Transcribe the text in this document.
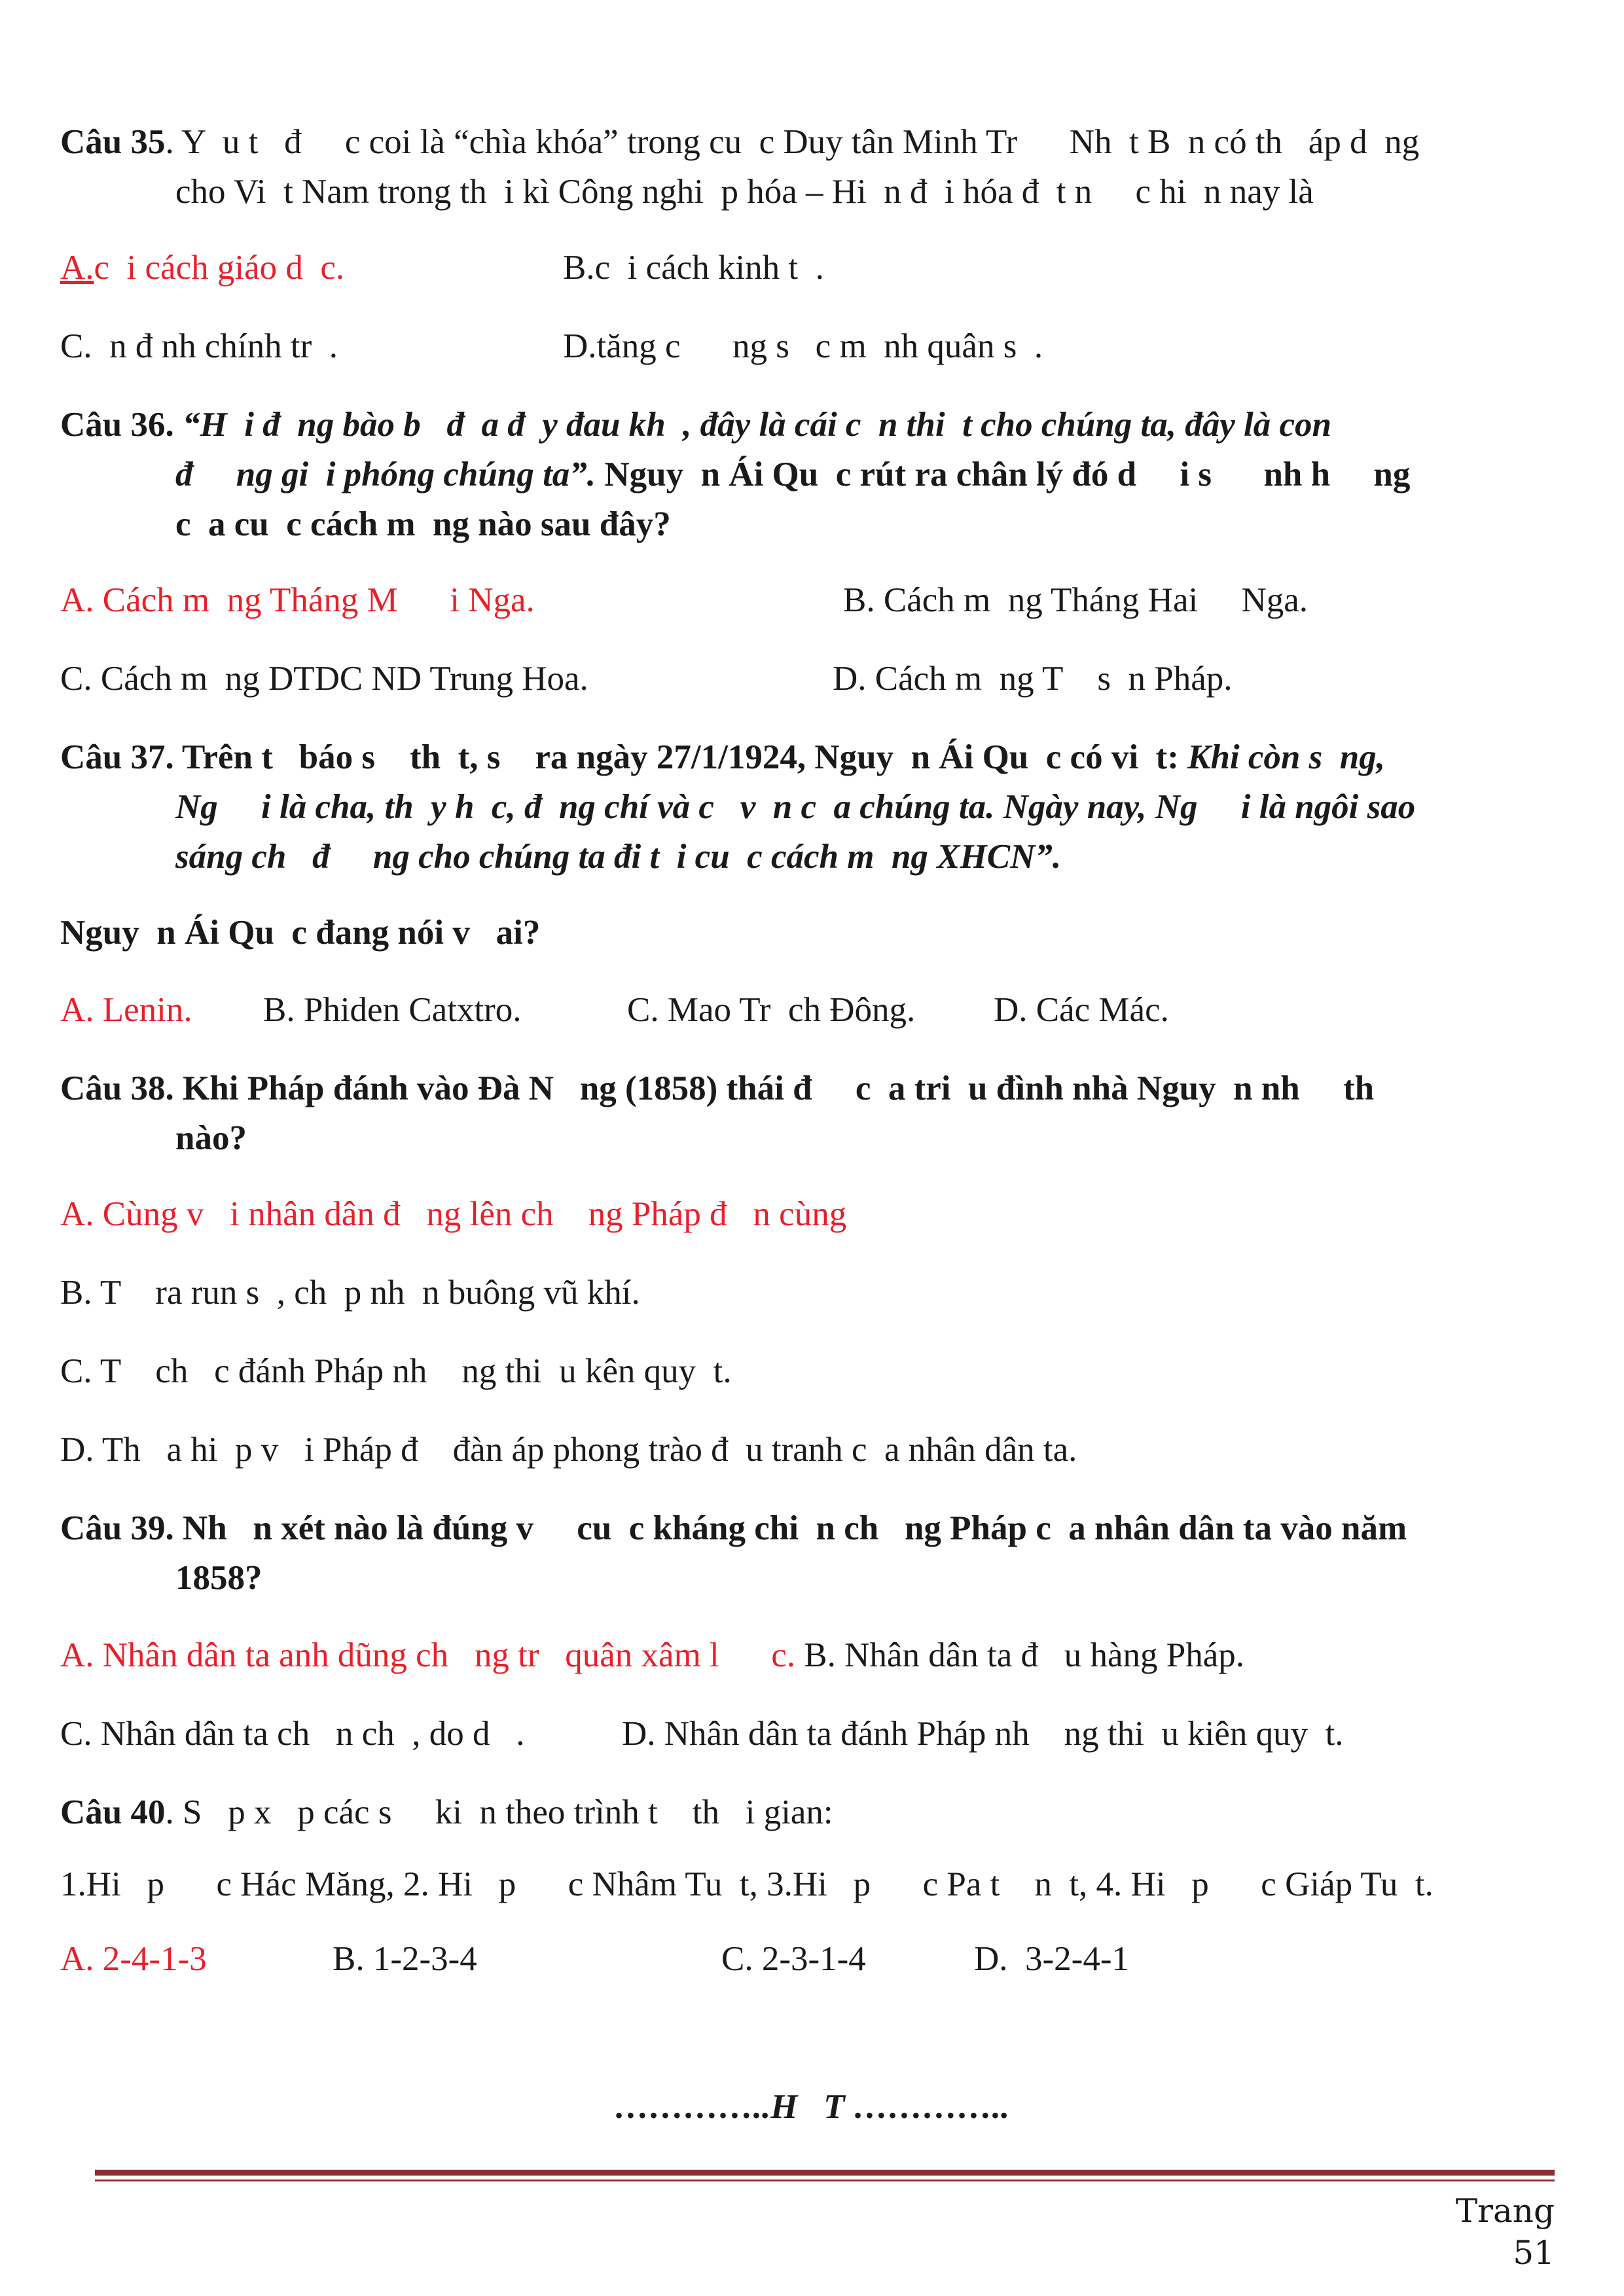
Câu 35. Y  u t   đ     c coi là “chìa khóa” trong cu  c Duy tân Minh Tr      Nh  t B  n có th   áp d  ng
cho Vi  t Nam trong th  i kì Công nghi  p hóa – Hi  n đ  i hóa đ  t n     c hi  n nay là
A.c  i cách giáo d  c.	B.c  i cách kinh t  .
C.  n đ nh chính tr  .	D.tăng c      ng s   c m  nh quân s  .
Câu 36. “H  i đ  ng bào b   đ  a đ  y đau kh  , đây là cái c  n thi  t cho chúng ta, đây là con
đ     ng gi  i phóng chúng ta”. Nguy  n Ái Qu  c rút ra chân lý đó d     i s      nh h     ng
c  a cu  c cách m  ng nào sau đây?
A. Cách m  ng Tháng M      i Nga.	B. Cách m  ng Tháng Hai     Nga.
C. Cách m  ng DTDC ND Trung Hoa.	D. Cách m  ng T    s  n Pháp.
Câu 37. Trên t   báo s    th  t, s    ra ngày 27/1/1924, Nguy  n Ái Qu  c có vi  t: Khi còn s  ng,
Ng     i là cha, th  y h  c, đ  ng chí và c   v  n c  a chúng ta. Ngày nay, Ng     i là ngôi sao
sáng ch   đ     ng cho chúng ta đi t  i cu  c cách m  ng XHCN”.
Nguy  n Ái Qu  c đang nói v   ai?
A. Lenin. B. Phiden Catxtro.	C. Mao Tr  ch Đông. D. Các Mác.
Câu 38. Khi Pháp đánh vào Đà N   ng (1858) thái đ     c  a tri  u đình nhà Nguy  n nh     th
nào?
A. Cùng v   i nhân dân đ   ng lên ch    ng Pháp đ   n cùng
B. T    ra run s  , ch  p nh  n buông vũ khí.
C. T    ch   c đánh Pháp nh    ng thi  u kên quy  t.
D. Th   a hi  p v   i Pháp đ    đàn áp phong trào đ  u tranh c  a nhân dân ta.
Câu 39. Nh   n xét nào là đúng v     cu  c kháng chi  n ch   ng Pháp c  a nhân dân ta vào năm
1858?
A. Nhân dân ta anh dũng ch   ng tr   quân xâm l      c. B. Nhân dân ta đ   u hàng Pháp.
C. Nhân dân ta ch   n ch  , do d   .	D. Nhân dân ta đánh Pháp nh    ng thi  u kiên quy  t.
Câu 40. S   p x   p các s     ki  n theo trình t    th   i gian:
1.Hi   p      c Hác Măng, 2. Hi   p      c Nhâm Tu  t, 3.Hi   p      c Pa t    n  t, 4. Hi   p      c Giáp Tu  t.
A. 2-4-1-3	B. 1-2-3-4	C. 2-3-1-4	D.  3-2-4-1
…………..H   T …………..
Trang 51
